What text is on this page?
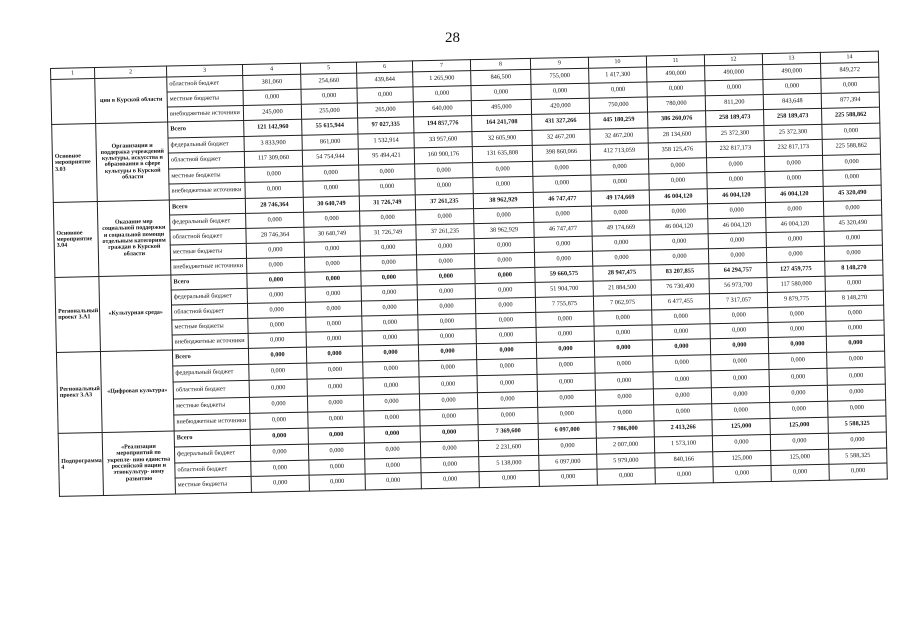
28
1	2	3	4	5	6	7	8	9	10	11	12	13	14
	ции в Курской области	областной бюджет	381,060	254,660	439,844	1 265,900	846,500	755,000	1 417,300	490,000	490,000	490,000	849,272
		местные бюджеты	0,000	0,000	0,000	0,000	0,000	0,000	0,000	0,000	0,000	0,000	0,000
		внебюджетные источники	245,000	255,000	265,000	640,000	495,000	420,000	750,000	780,000	811,200	843,648	877,394
Основное мероприятие 3.03	Организация и поддержка учреждений культуры, искусства и образования в сфере культуры в Курской области	Всего	121 142,960	55 615,944	97 027,335	194 857,776	164 241,708	431 327,266	445 180,259	386 260,076	258 189,473	258 189,473	225 588,862
		федеральный бюджет	3 833,900	861,000	1 532,914	33 957,600	32 605,900	32 467,200	32 467,200	28 134,600	25 372,300	25 372,300	0,000
		областной бюджет	117 309,060	54 754,944	95 494,421	160 900,176	131 635,808	398 860,066	412 713,059	358 125,476	232 817,173	232 817,173	225 588,862
		местные бюджеты	0,000	0,000	0,000	0,000	0,000	0,000	0,000	0,000	0,000	0,000	0,000
		внебюджетные источники	0,000	0,000	0,000	0,000	0,000	0,000	0,000	0,000	0,000	0,000	0,000
Основное мероприятие 3.04	Оказание мер социальной поддержки и социальной помощи отдельным категориям граждан в Курской области	Всего	28 746,364	30 640,749	31 726,749	37 261,235	38 962,929	46 747,477	49 174,669	46 004,120	46 004,120	46 004,120	45 320,490
		федеральный бюджет	0,000	0,000	0,000	0,000	0,000	0,000	0,000	0,000	0,000	0,000	0,000
		областной бюджет	28 746,364	30 640,749	31 726,749	37 261,235	38 962,929	46 747,477	49 174,669	46 004,120	46 004,120	46 004,120	45 320,490
		местные бюджеты	0,000	0,000	0,000	0,000	0,000	0,000	0,000	0,000	0,000	0,000	0,000
		внебюджетные источники	0,000	0,000	0,000	0,000	0,000	0,000	0,000	0,000	0,000	0,000	0,000
Региональный проект 3.А1	«Культурная среда»	Всего	0,000	0,000	0,000	0,000	0,000	59 660,575	28 947,475	83 207,855	64 294,757	127 459,775	8 148,270
		федеральный бюджет	0,000	0,000	0,000	0,000	0,000	51 904,700	21 884,500	76 730,400	56 973,700	117 580,000	0,000
		областной бюджет	0,000	0,000	0,000	0,000	0,000	7 755,875	7 062,975	6 477,455	7 317,057	9 879,775	8 148,270
		местные бюджеты	0,000	0,000	0,000	0,000	0,000	0,000	0,000	0,000	0,000	0,000	0,000
		внебюджетные источники	0,000	0,000	0,000	0,000	0,000	0,000	0,000	0,000	0,000	0,000	0,000
Региональный проект 3.А3	«Цифровая культура»	Всего	0,000	0,000	0,000	0,000	0,000	0,000	0,000	0,000	0,000	0,000	0,000
		федеральный бюджет	0,000	0,000	0,000	0,000	0,000	0,000	0,000	0,000	0,000	0,000	0,000
		областной бюджет	0,000	0,000	0,000	0,000	0,000	0,000	0,000	0,000	0,000	0,000	0,000
		местные бюджеты	0,000	0,000	0,000	0,000	0,000	0,000	0,000	0,000	0,000	0,000	0,000
		внебюджетные источники	0,000	0,000	0,000	0,000	0,000	0,000	0,000	0,000	0,000	0,000	0,000
Подпрограмма 4	«Реализация мероприятий по укрепле- нию единства российской нации и этнокультур- ному развитию	Всего	0,000	0,000	0,000	0,000	7 369,600	6 097,000	7 986,000	2 413,266	125,000	125,000	5 588,325
		федеральный бюджет	0,000	0,000	0,000	0,000	2 231,600	0,000	2 007,000	1 573,100	0,000	0,000	0,000
		областной бюджет	0,000	0,000	0,000	0,000	5 138,000	6 097,000	5 979,000	840,166	125,000	125,000	5 588,325
		местные бюджеты	0,000	0,000	0,000	0,000	0,000	0,000	0,000	0,000	0,000	0,000	0,000
